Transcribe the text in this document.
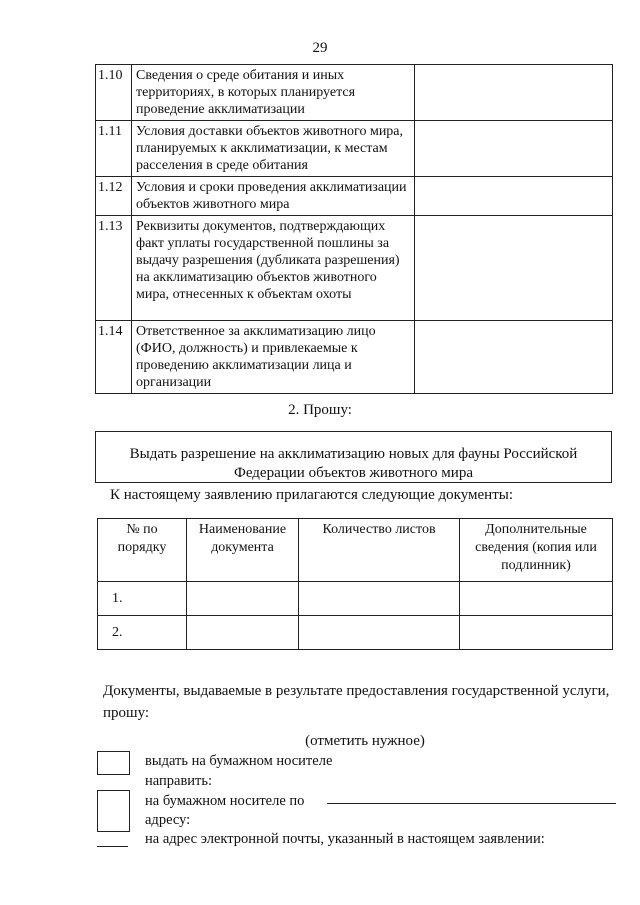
29
1.10	Сведения о среде обитания и иных территориях, в которых планируется проведение акклиматизации	
1.11	Условия доставки объектов животного мира, планируемых к акклиматизации, к местам расселения в среде обитания	
1.12	Условия и сроки проведения акклиматизации объектов животного мира	
1.13	Реквизиты документов, подтверждающих факт уплаты государственной пошлины за выдачу разрешения (дубликата разрешения) на акклиматизацию объектов животного мира, отнесенных к объектам охоты	
1.14	Ответственное за акклиматизацию лицо (ФИО, должность) и привлекаемые к проведению акклиматизации лица и организации	
2. Прошу:
Выдать разрешение на акклиматизацию новых для фауны Российской
Федерации объектов животного мира
К настоящему заявлению прилагаются следующие документы:
№ по порядку	Наименование документа	Количество листов	Дополнительные сведения (копия или подлинник)
1.			
2.			
Документы, выдаваемые в результате предоставления государственной услуги, прошу:
(отметить нужное)
выдать на бумажном носителе
направить:
на бумажном носителе по
адресу:
на адрес электронной почты, указанный в настоящем заявлении:
